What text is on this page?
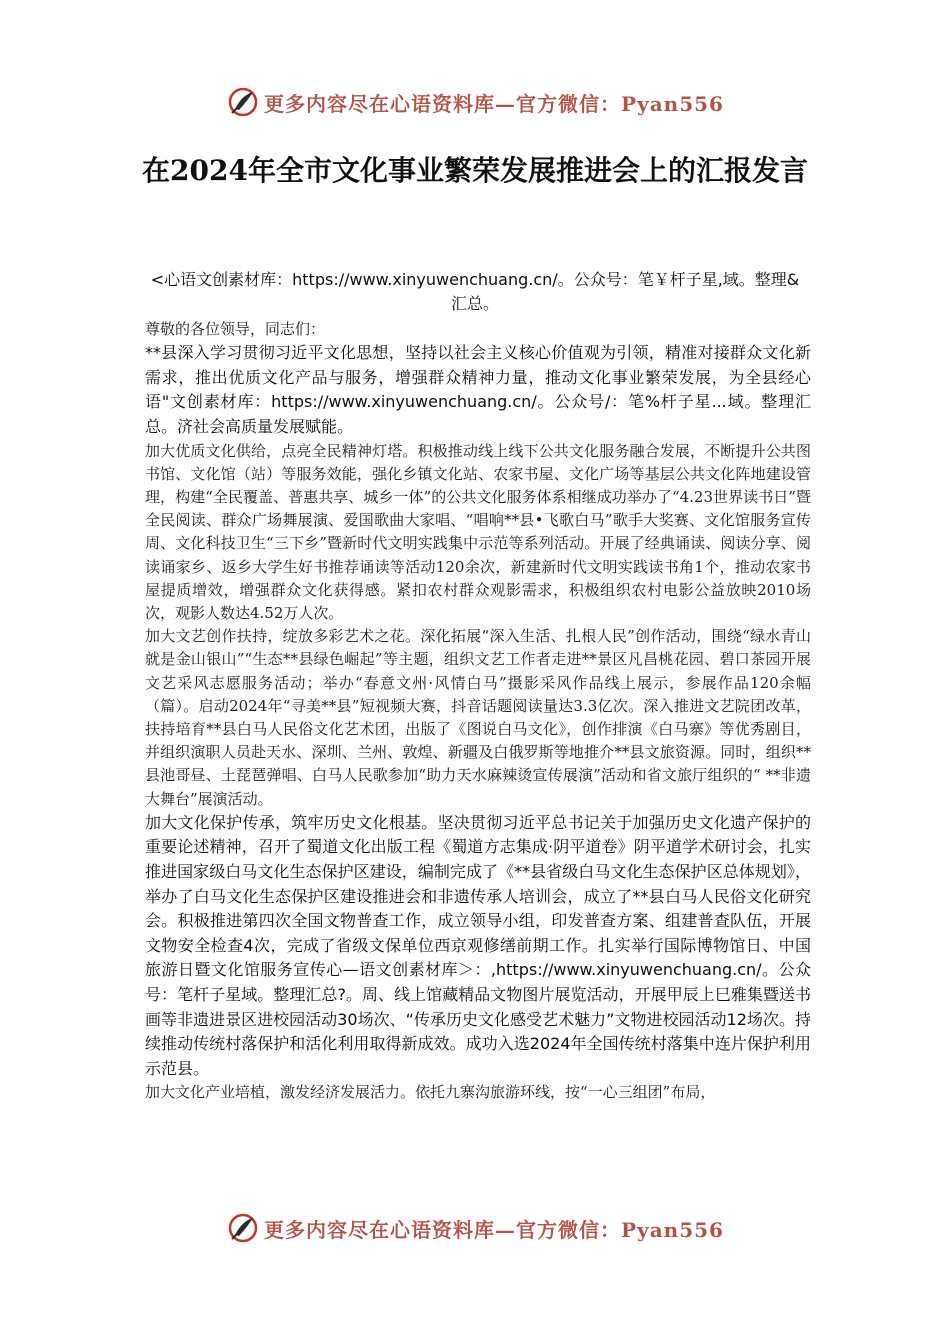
更多内容尽在心语资料库—官方微信：Pyan556
在2024年全市文化事业繁荣发展推进会上的汇报发言
<心语文创素材库：https://www.xinyuwenchuang.cn/。公众号：笔￥杆子星,域。整理&汇总。

尊敬的各位领导，同志们：

**县深入学习贯彻习近平文化思想，坚持以社会主义核心价值观为引领，精准对接群众文化新需求，推出优质文化产品与服务，增强群众精神力量，推动文化事业繁荣发展，为全县经心语"文创素材库：https://www.xinyuwenchuang.cn/。公众号/：笔%杆子星...域。整理汇总。济社会高质量发展赋能。

加大优质文化供给，点亮全民精神灯塔。积极推动线上线下公共文化服务融合发展，不断提升公共图书馆、文化馆（站）等服务效能，强化乡镇文化站、农家书屋、文化广场等基层公共文化阵地建设管理，构建“全民覆盖、普惠共享、城乡一体”的公共文化服务体系相继成功举办了“4.23世界读书日”暨全民阅读、群众广场舞展演、爱国歌曲大家唱、“唱响**县•飞歌白马”歌手大奖赛、文化馆服务宣传周、文化科技卫生“三下乡”暨新时代文明实践集中示范等系列活动。开展了经典诵读、阅读分享、阅读诵家乡、返乡大学生好书推荐诵读等活动120余次，新建新时代文明实践读书角1个，推动农家书屋提质增效，增强群众文化获得感。紧扣农村群众观影需求，积极组织农村电影公益放映2010场次，观影人数达4.52万人次。

加大文艺创作扶持，绽放多彩艺术之花。深化拓展“深入生活、扎根人民”创作活动，围绕“绿水青山就是金山银山”“生态**县绿色崛起”等主题，组织文艺工作者走进**景区凡昌桃花园、碧口茶园开展文艺采风志愿服务活动；举办“春意文州·风情白马”摄影采风作品线上展示，参展作品120余幅（篇）。启动2024年“寻美**县”短视频大赛，抖音话题阅读量达3.3亿次。深入推进文艺院团改革，扶持培育**县白马人民俗文化艺术团，出版了《图说白马文化》，创作排演《白马寨》等优秀剧目，并组织演职人员赴天水、深圳、兰州、敦煌、新疆及白俄罗斯等地推介**县文旅资源。同时，组织**县池哥昼、土琵琶弹唱、白马人民歌参加“助力天水麻辣烫宣传展演”活动和省文旅厅组织的“ **非遗大舞台”展演活动。

加大文化保护传承，筑牢历史文化根基。坚决贯彻习近平总书记关于加强历史文化遗产保护的重要论述精神，召开了蜀道文化出版工程《蜀道方志集成·阴平道卷》阴平道学术研讨会，扎实推进国家级白马文化生态保护区建设，编制完成了《**县省级白马文化生态保护区总体规划》，举办了白马文化生态保护区建设推进会和非遗传承人培训会，成立了**县白马人民俗文化研究会。积极推进第四次全国文物普查工作，成立领导小组，印发普查方案、组建普查队伍，开展文物安全检查4次，完成了省级文保单位西京观修缮前期工作。扎实举行国际博物馆日、中国旅游日暨文化馆服务宣传心—语文创素材库＞：,https://www.xinyuwenchuang.cn/。公众号：笔杆子星域。整理汇总?。周、线上馆藏精品文物图片展览活动，开展甲辰上巳雅集暨送书画等非遗进景区进校园活动30场次、“传承历史文化感受艺术魅力”文物进校园活动12场次。持续推动传统村落保护和活化利用取得新成效。成功入选2024年全国传统村落集中连片保护利用示范县。

加大文化产业培植，激发经济发展活力。依托九寨沟旅游环线，按“一心三组团”布局，

更多内容尽在心语资料库—官方微信：Pyan556
